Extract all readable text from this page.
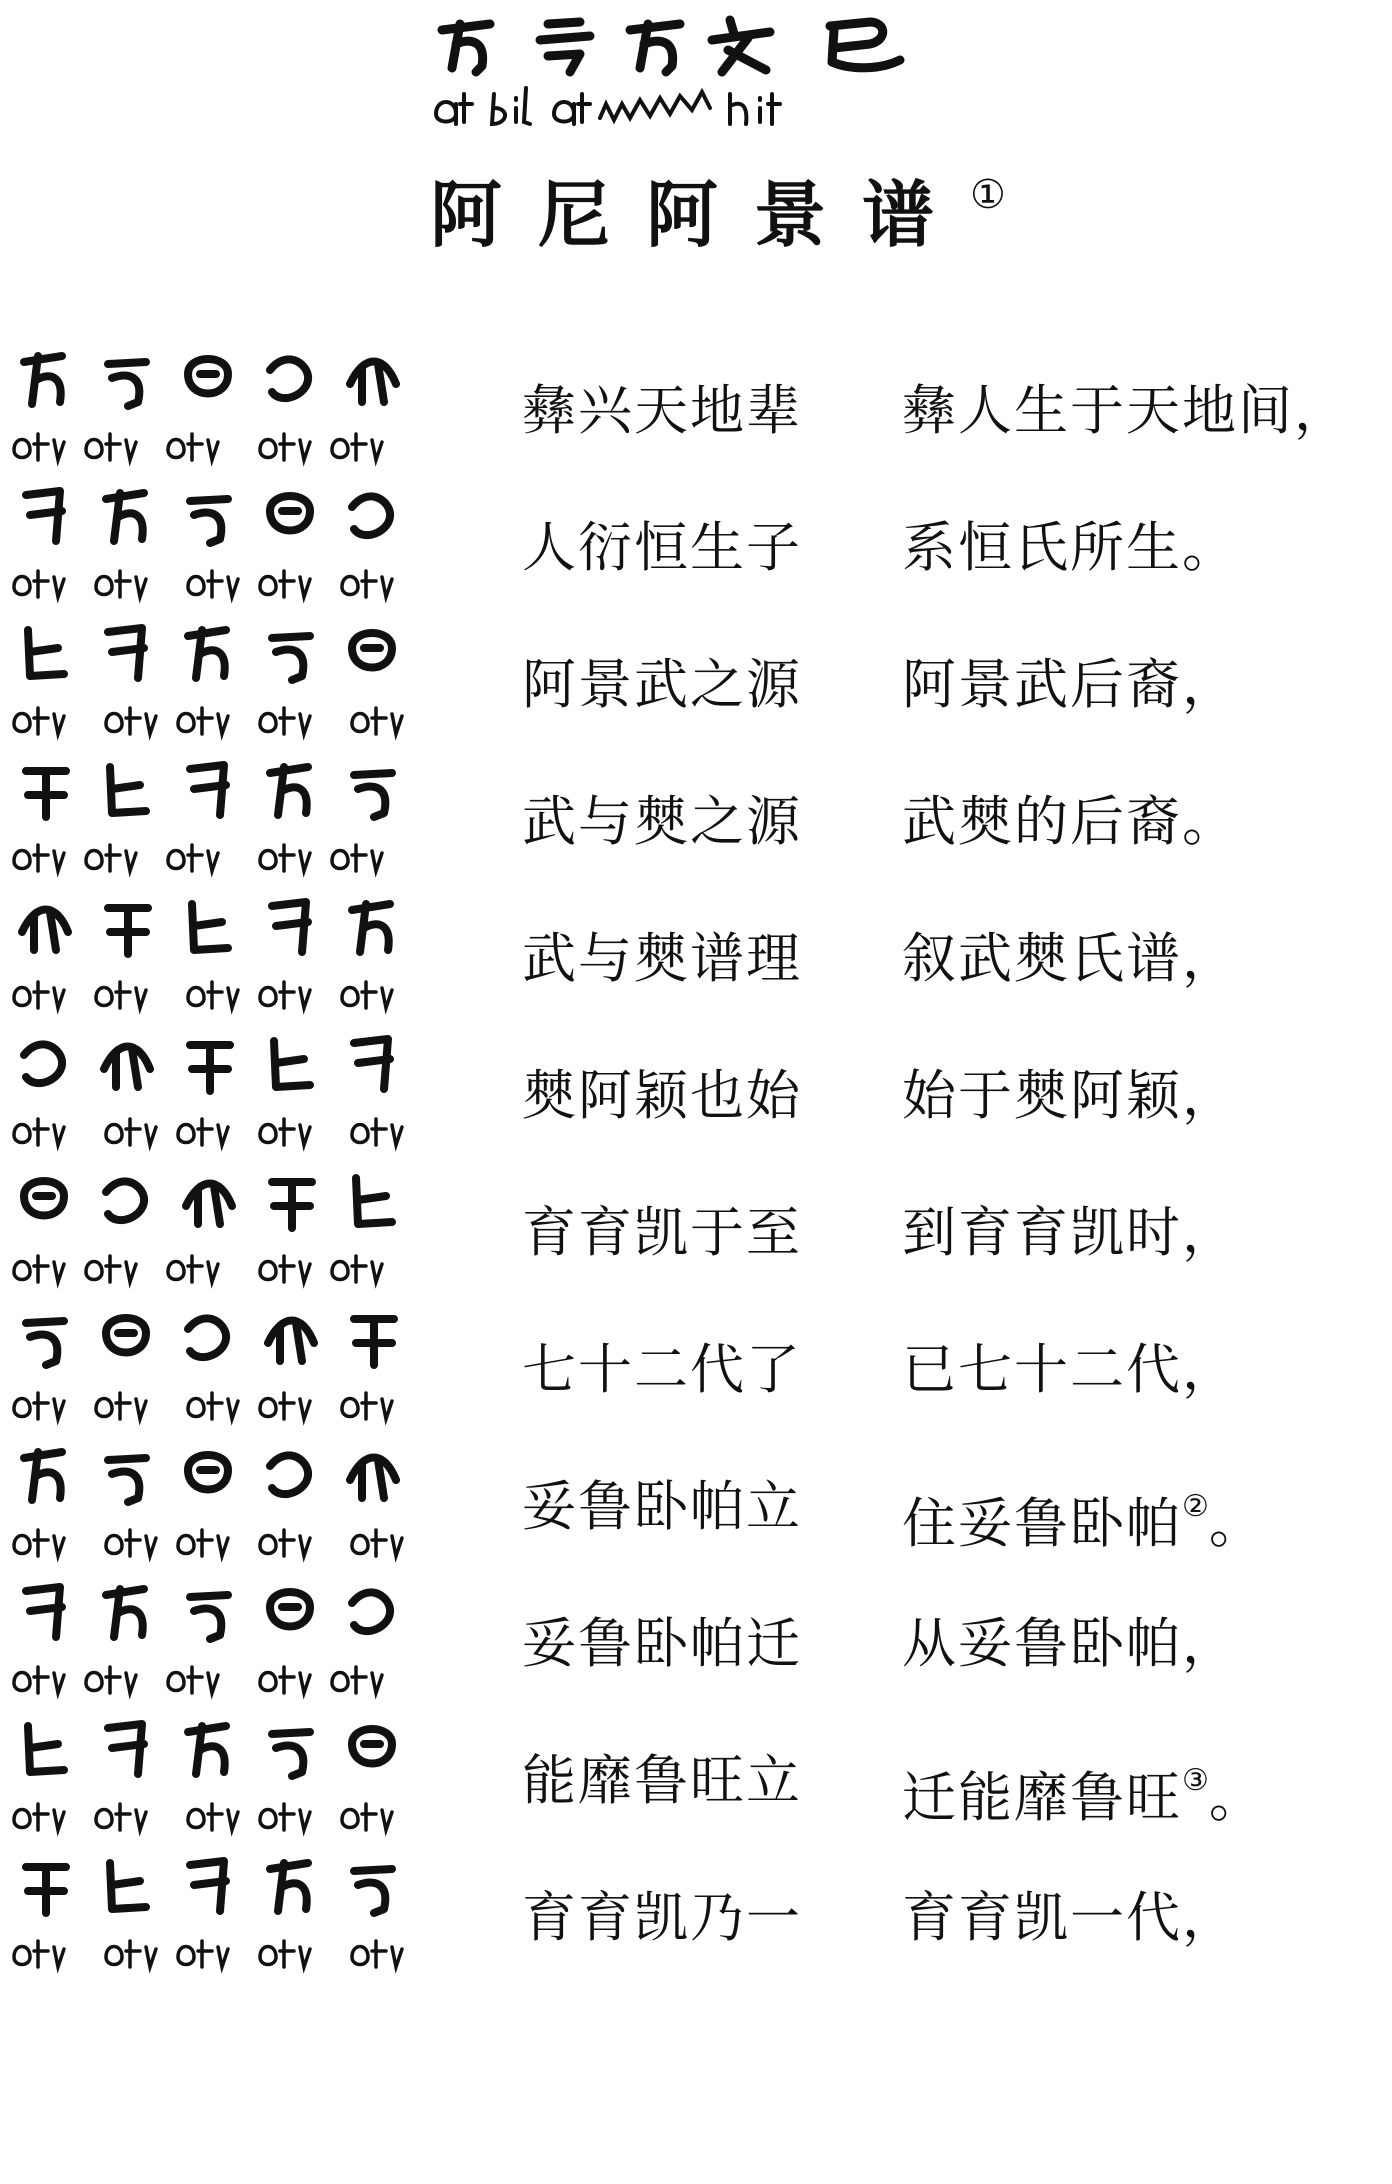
阿尼阿景谱①
彝兴天地辈 彝人生于天地间，
人衍恒生子 系恒氏所生。
阿景武之源 阿景武后裔，
武与僰之源 武僰的后裔。
武与僰谱理 叙武僰氏谱，
僰阿颖也始 始于僰阿颖，
育育凯于至 到育育凯时，
七十二代了 已七十二代，
妥鲁卧帕立 住妥鲁卧帕②。
妥鲁卧帕迁 从妥鲁卧帕，
能靡鲁旺立 迁能靡鲁旺③。
育育凯乃一 育育凯一代，
